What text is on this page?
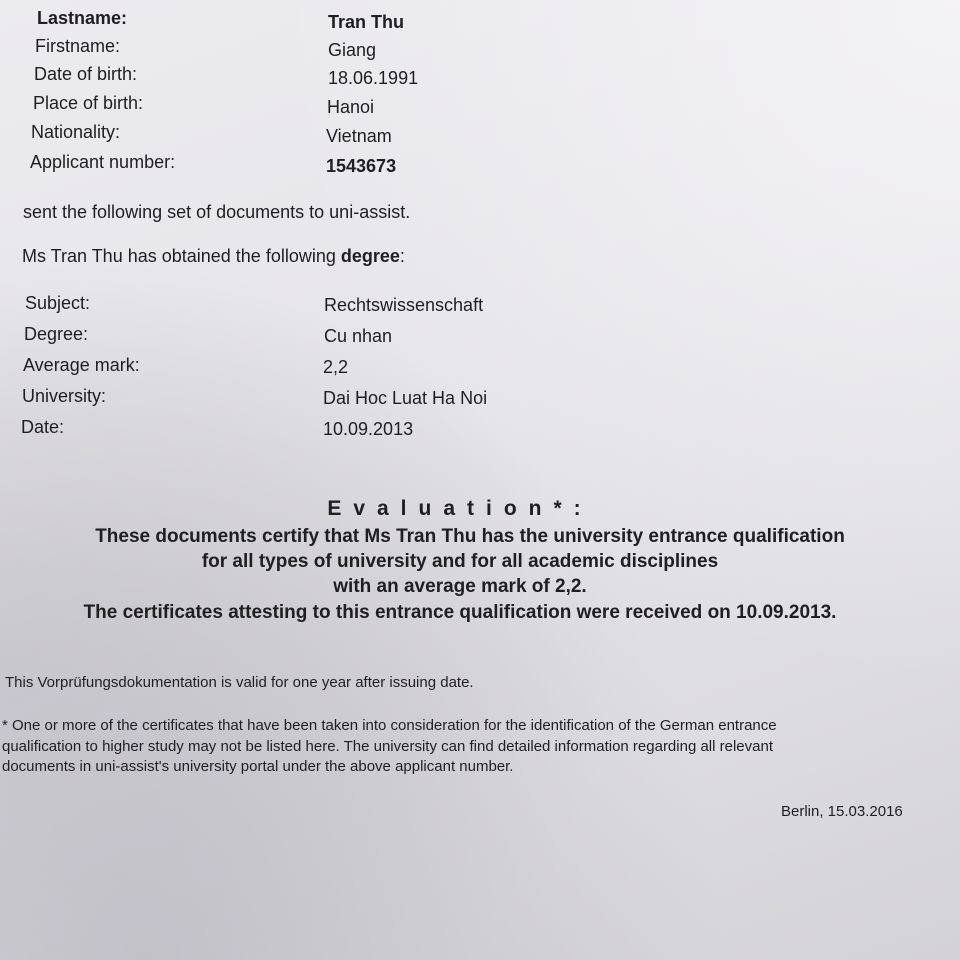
Lastname:	Tran Thu
Firstname:	Giang
Date of birth:	18.06.1991
Place of birth:	Hanoi
Nationality:	Vietnam
Applicant number:	1543673
sent the following set of documents to uni-assist.
Ms Tran Thu has obtained the following degree:
Subject:	Rechtswissenschaft
Degree:	Cu nhan
Average mark:	2,2
University:	Dai Hoc Luat Ha Noi
Date:	10.09.2013
Evaluation*:
These documents certify that Ms Tran Thu has the university entrance qualification
for all types of university and for all academic disciplines
with an average mark of 2,2.
The certificates attesting to this entrance qualification were received on 10.09.2013.
This Vorprüfungsdokumentation is valid for one year after issuing date.
* One or more of the certificates that have been taken into consideration for the identification of the German entrance
qualification to higher study may not be listed here. The university can find detailed information regarding all relevant
documents in uni-assist's university portal under the above applicant number.
Berlin, 15.03.2016
